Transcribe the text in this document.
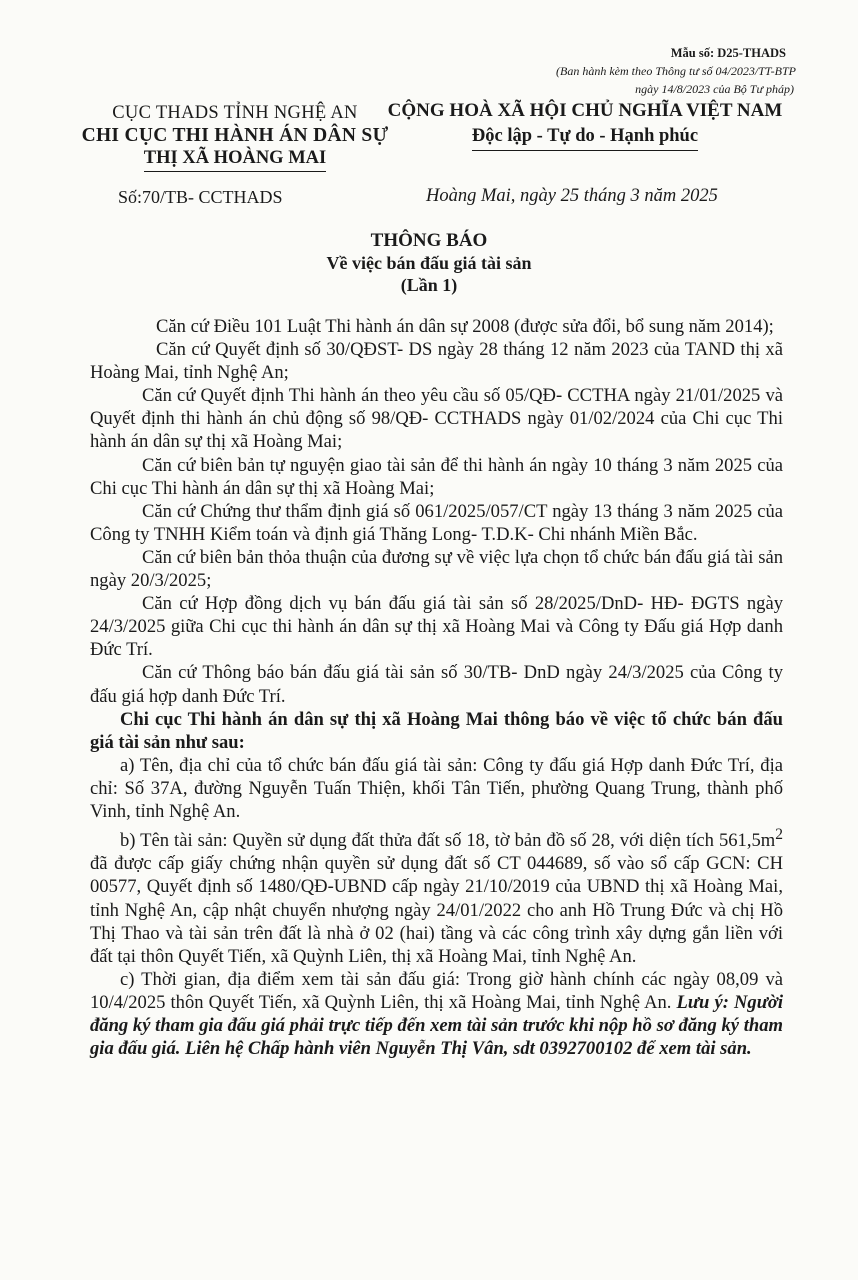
Mẫu số: D25-THADS
(Ban hành kèm theo Thông tư số 04/2023/TT-BTP
ngày 14/8/2023 của Bộ Tư pháp)
CỤC THADS TỈNH NGHỆ AN
CHI CỤC THI HÀNH ÁN DÂN SỰ
THỊ XÃ HOÀNG MAI
CỘNG HOÀ XÃ HỘI CHỦ NGHĨA VIỆT NAM
Độc lập - Tự do - Hạnh phúc
Số:70/TB- CCTHADS	Hoàng Mai, ngày 25 tháng 3 năm 2025
THÔNG BÁO
Về việc bán đấu giá tài sản
(Lần 1)

Căn cứ Điều 101 Luật Thi hành án dân sự 2008 (được sửa đổi, bổ sung năm 2014);

Căn cứ Quyết định số 30/QĐST- DS ngày 28 tháng 12 năm 2023 của TAND thị xã Hoàng Mai, tỉnh Nghệ An;

Căn cứ Quyết định Thi hành án theo yêu cầu số 05/QĐ- CCTHA ngày 21/01/2025 và Quyết định thi hành án chủ động số 98/QĐ- CCTHADS ngày 01/02/2024 của Chi cục Thi hành án dân sự thị xã Hoàng Mai;

Căn cứ biên bản tự nguyện giao tài sản để thi hành án ngày 10 tháng 3 năm 2025 của Chi cục Thi hành án dân sự thị xã Hoàng Mai;

Căn cứ Chứng thư thẩm định giá số 061/2025/057/CT ngày 13 tháng 3 năm 2025 của Công ty TNHH Kiểm toán và định giá Thăng Long- T.D.K- Chi nhánh Miền Bắc.

Căn cứ biên bản thỏa thuận của đương sự về việc lựa chọn tổ chức bán đấu giá tài sản ngày 20/3/2025;

Căn cứ Hợp đồng dịch vụ bán đấu giá tài sản số 28/2025/DnD- HĐ- ĐGTS ngày 24/3/2025 giữa Chi cục thi hành án dân sự thị xã Hoàng Mai và Công ty Đấu giá Hợp danh Đức Trí.

Căn cứ Thông báo bán đấu giá tài sản số 30/TB- DnD ngày 24/3/2025 của Công ty đấu giá hợp danh Đức Trí.

Chi cục Thi hành án dân sự thị xã Hoàng Mai thông báo về việc tổ chức bán đấu giá tài sản như sau:

a) Tên, địa chỉ của tổ chức bán đấu giá tài sản: Công ty đấu giá Hợp danh Đức Trí, địa chỉ: Số 37A, đường Nguyễn Tuấn Thiện, khối Tân Tiến, phường Quang Trung, thành phố Vinh, tỉnh Nghệ An.

b) Tên tài sản: Quyền sử dụng đất thửa đất số 18, tờ bản đồ số 28, với diện tích $561,5m^2$ đã được cấp giấy chứng nhận quyền sử dụng đất số CT 044689, số vào sổ cấp GCN: CH 00577, Quyết định số 1480/QĐ-UBND cấp ngày 21/10/2019 của UBND thị xã Hoàng Mai, tỉnh Nghệ An, cập nhật chuyển nhượng ngày 24/01/2022 cho anh Hồ Trung Đức và chị Hồ Thị Thao và tài sản trên đất là nhà ở 02 (hai) tầng và các công trình xây dựng gắn liền với đất tại thôn Quyết Tiến, xã Quỳnh Liên, thị xã Hoàng Mai, tỉnh Nghệ An.

c) Thời gian, địa điểm xem tài sản đấu giá: Trong giờ hành chính các ngày 08,09 và 10/4/2025 thôn Quyết Tiến, xã Quỳnh Liên, thị xã Hoàng Mai, tỉnh Nghệ An. Lưu ý: Người đăng ký tham gia đấu giá phải trực tiếp đến xem tài sản trước khi nộp hồ sơ đăng ký tham gia đấu giá. Liên hệ Chấp hành viên Nguyễn Thị Vân, sdt 0392700102 để xem tài sản.
